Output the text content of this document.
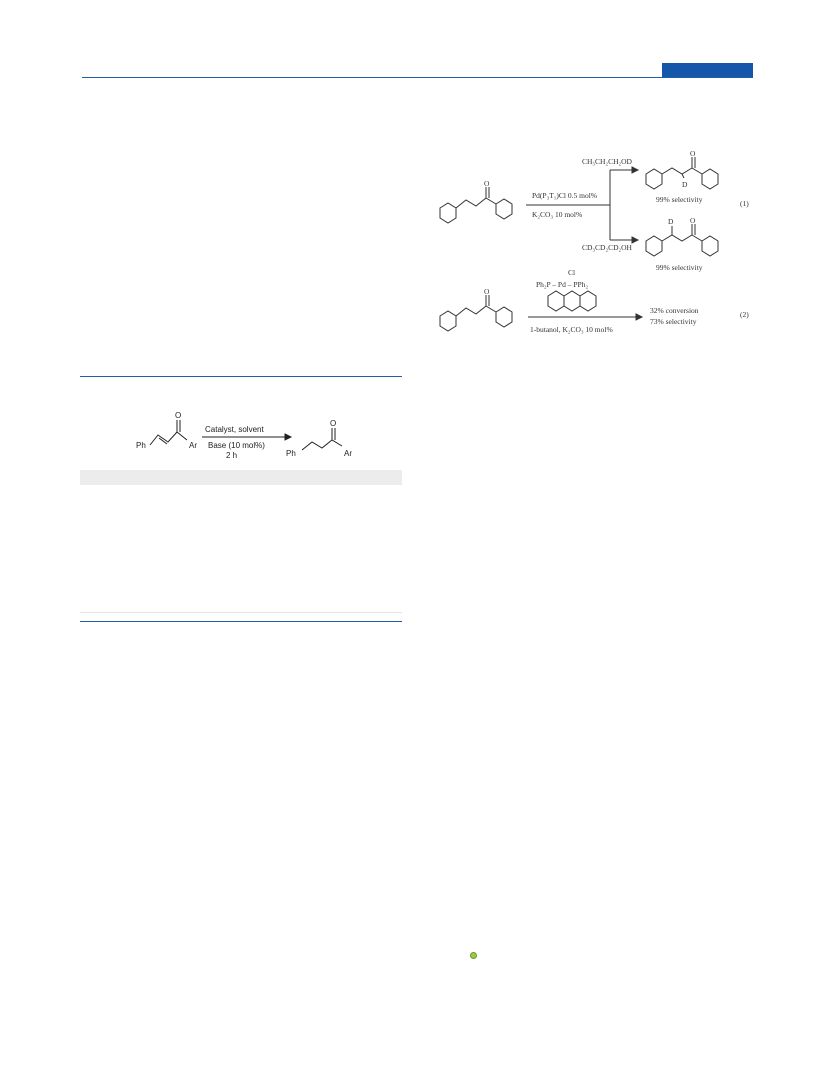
Ph
O
Ar
Catalyst, solvent
Base (10 mol%)
2 h	Ph
O
Ar
CH₃CH₂CH₂OD
Pd(P₃T₁)Cl 0.5 mol%
K₂CO₃ 10 mol%
CD₃CD₂CD₂OH
O
O
D
99% selectivity	(1)
D O
99% selectivity
Cl
Ph₂P – Pd – PPh₂
O
1-butanol, K₂CO₃ 10 mol%
32% conversion
73% selectivity
(2)
